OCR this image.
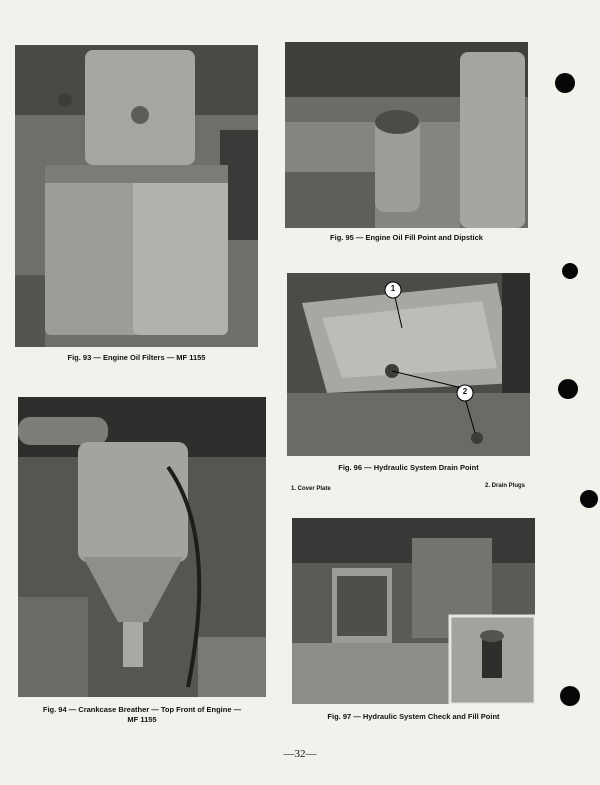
Fig. 93 — Engine Oil Filters — MF 1155
Fig. 94 — Crankcase Breather — Top Front of Engine —
MF 1155
Fig. 95 — Engine Oil Fill Point and Dipstick
1
2
Fig. 96 — Hydraulic System Drain Point
1. Cover Plate	2. Drain Plugs
Fig. 97 — Hydraulic System Check and Fill Point
—32—
